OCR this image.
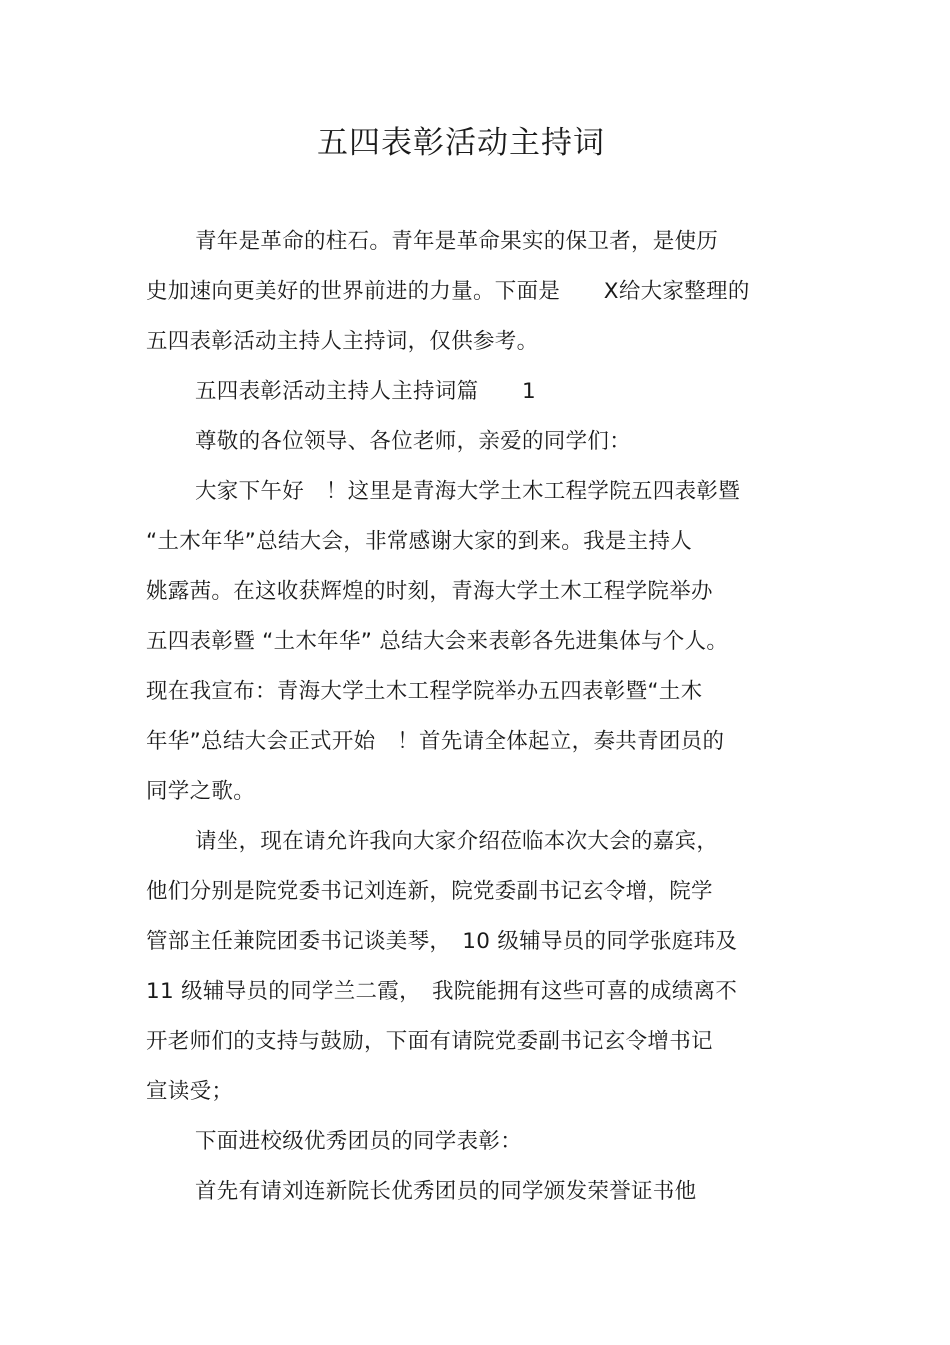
五四表彰活动主持词
青年是革命的柱石。青年是革命果实的保卫者，是使历
史加速向更美好的世界前进的力量。下面是　　X给大家整理的
五四表彰活动主持人主持词，仅供参考。
五四表彰活动主持人主持词篇　　1
尊敬的各位领导、各位老师，亲爱的同学们：
大家下午好　！这里是青海大学土木工程学院五四表彰暨
“土木年华”总结大会，非常感谢大家的到来。我是主持人
姚露茜。在这收获辉煌的时刻，青海大学土木工程学院举办
五四表彰暨 “土木年华” 总结大会来表彰各先进集体与个人。
现在我宣布：青海大学土木工程学院举办五四表彰暨“土木
年华”总结大会正式开始　！首先请全体起立，奏共青团员的
同学之歌。
请坐，现在请允许我向大家介绍莅临本次大会的嘉宾，
他们分别是院党委书记刘连新，院党委副书记玄令增，院学
管部主任兼院团委书记谈美琴，　10 级辅导员的同学张庭玮及
11 级辅导员的同学兰二霞，　我院能拥有这些可喜的成绩离不
开老师们的支持与鼓励，下面有请院党委副书记玄令增书记
宣读受；
下面进校级优秀团员的同学表彰：
首先有请刘连新院长优秀团员的同学颁发荣誉证书他
